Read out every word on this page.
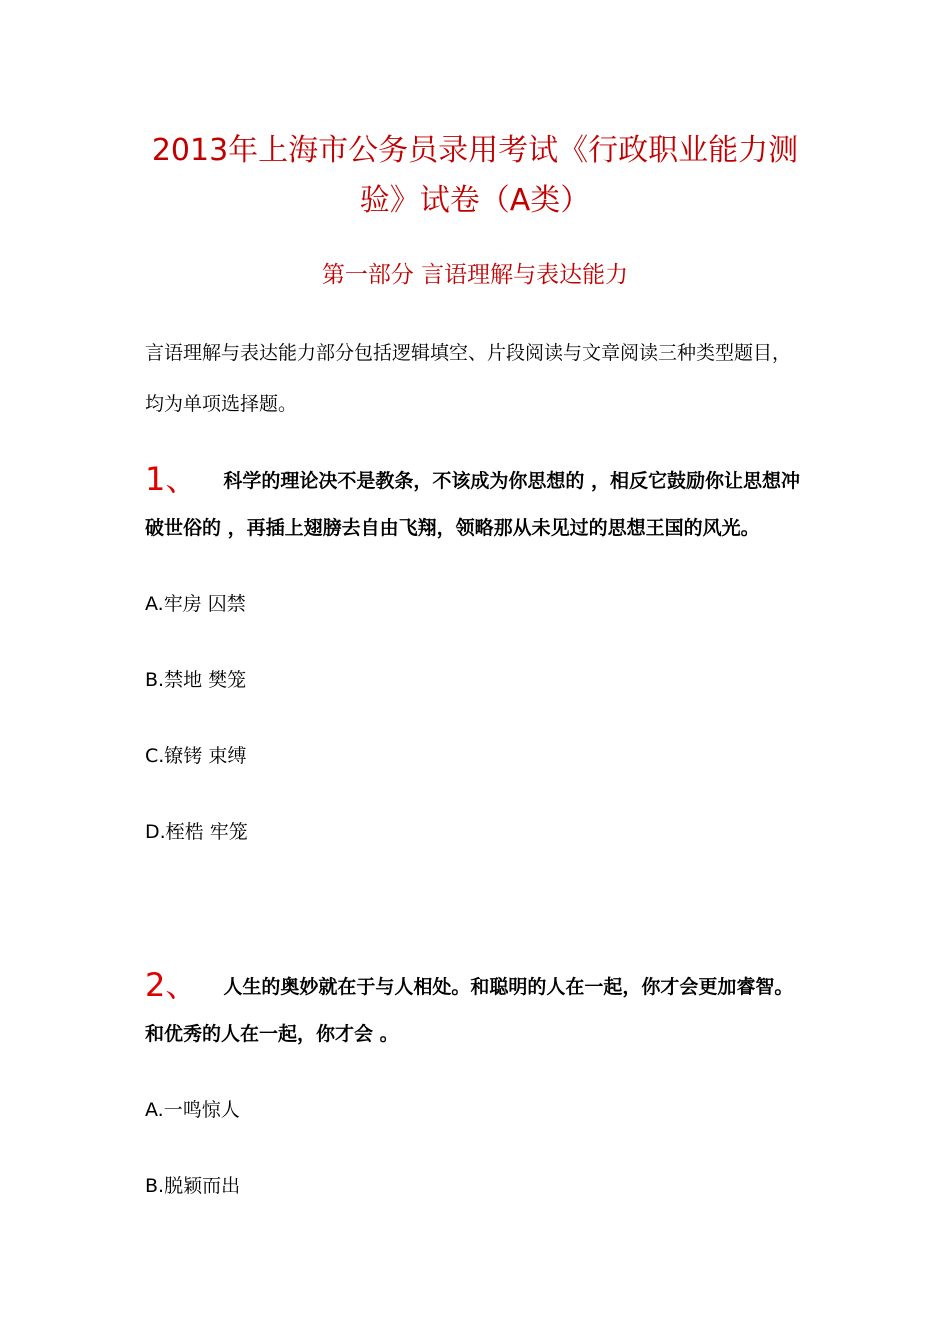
2013年上海市公务员录用考试《行政职业能力测
验》试卷（A类）
第一部分 言语理解与表达能力

言语理解与表达能力部分包括逻辑填空、片段阅读与文章阅读三种类型题目，

均为单项选择题。

1、 科学的理论决不是教条，不该成为你思想的 ，相反它鼓励你让思想冲

破世俗的 ，再插上翅膀去自由飞翔，领略那从未见过的思想王国的风光。

A.牢房 囚禁

B.禁地 樊笼

C.镣铐 束缚

D.桎梏 牢笼

2、 人生的奥妙就在于与人相处。和聪明的人在一起，你才会更加睿智。

和优秀的人在一起，你才会 。

A.一鸣惊人

B.脱颖而出
